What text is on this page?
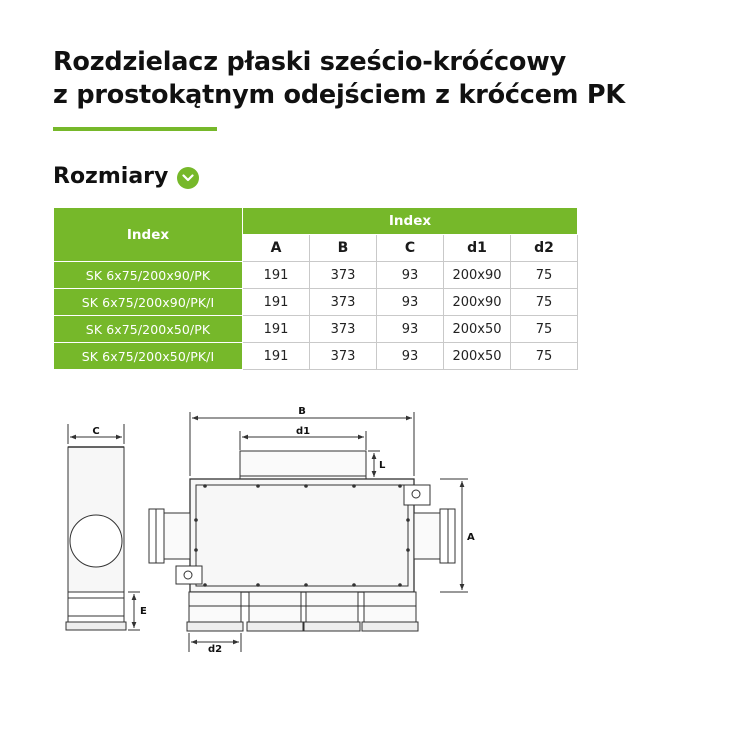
Rozdzielacz płaski sześcio-króćcowy
z prostokątnym odejściem z króćcem PK
Rozmiary
Index	Index				
	A	B	C	d1	d2
SK 6x75/200x90/PK	191	373	93	200x90	75
SK 6x75/200x90/PK/I	191	373	93	200x90	75
SK 6x75/200x50/PK	191	373	93	200x50	75
SK 6x75/200x50/PK/I	191	373	93	200x50	75
C
E
B
d1
L
A
d2
